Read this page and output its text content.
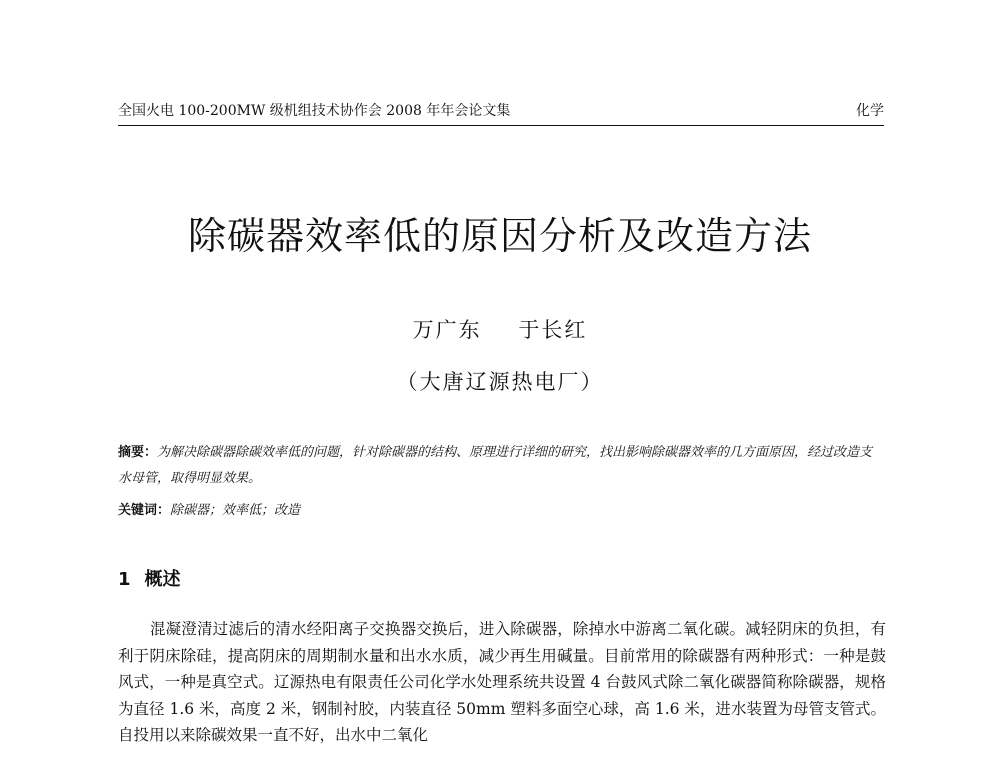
全国火电 100-200MW 级机组技术协作会 2008 年年会论文集	化学
除碳器效率低的原因分析及改造方法
万广东 于长红
（大唐辽源热电厂）
摘要：为解决除碳器除碳效率低的问题，针对除碳器的结构、原理进行详细的研究，找出影响除碳器效率的几方面原因，经过改造支水母管，取得明显效果。
关键词：除碳器；效率低；改造
1 概述
混凝澄清过滤后的清水经阳离子交换器交换后，进入除碳器，除掉水中游离二氧化碳。减轻阴床的负担，有利于阴床除硅，提高阴床的周期制水量和出水水质，减少再生用碱量。目前常用的除碳器有两种形式：一种是鼓风式，一种是真空式。辽源热电有限责任公司化学水处理系统共设置 4 台鼓风式除二氧化碳器简称除碳器，规格为直径 1.6 米，高度 2 米，钢制衬胶，内装直径 50mm 塑料多面空心球，高 1.6 米，进水装置为母管支管式。自投用以来除碳效果一直不好，出水中二氧化
